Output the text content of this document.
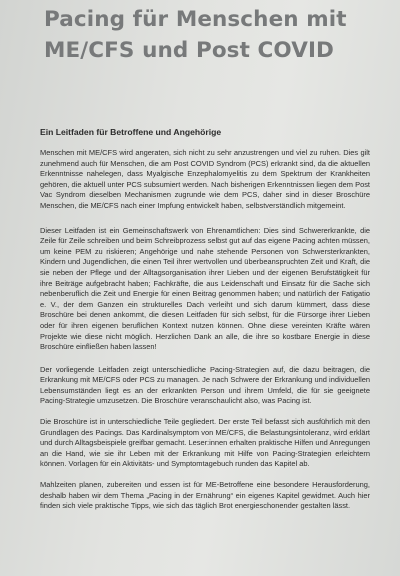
Pacing für Menschen mit ME/CFS und Post COVID
Ein Leitfaden für Betroffene und Angehörige

Menschen mit ME/CFS wird angeraten, sich nicht zu sehr anzustrengen und viel zu ruhen. Dies gilt zunehmend auch für Menschen, die am Post COVID Syndrom (PCS) erkrankt sind, da die aktuellen Erkenntnisse nahelegen, dass Myalgische Enzephalomyelitis zu dem Spektrum der Krankheiten gehören, die aktuell unter PCS subsumiert werden. Nach bisherigen Erkenntnissen liegen dem Post Vac Syndrom dieselben Mechanismen zugrunde wie dem PCS, daher sind in dieser Broschüre Menschen, die ME/CFS nach einer Impfung entwickelt haben, selbstverständlich mitgemeint.

Dieser Leitfaden ist ein Gemeinschaftswerk von Ehrenamtlichen: Dies sind Schwererkrankte, die Zeile für Zeile schreiben und beim Schreibprozess selbst gut auf das eigene Pacing achten müssen, um keine PEM zu riskieren; Angehörige und nahe stehende Personen von Schwersterkrankten, Kindern und Jugendlichen, die einen Teil ihrer wertvollen und überbeanspruchten Zeit und Kraft, die sie neben der Pflege und der Alltagsorganisation ihrer Lieben und der eigenen Berufstätigkeit für ihre Beiträge aufgebracht haben; Fachkräfte, die aus Leidenschaft und Einsatz für die Sache sich nebenberuflich die Zeit und Energie für einen Beitrag genommen haben; und natürlich der Fatigatio e. V., der dem Ganzen ein strukturelles Dach verleiht und sich darum kümmert, dass diese Broschüre bei denen ankommt, die diesen Leitfaden für sich selbst, für die Fürsorge ihrer Lieben oder für ihren eigenen beruflichen Kontext nutzen können. Ohne diese vereinten Kräfte wären Projekte wie diese nicht möglich. Herzlichen Dank an alle, die ihre so kostbare Energie in diese Broschüre einfließen haben lassen!

Der vorliegende Leitfaden zeigt unterschiedliche Pacing-Strategien auf, die dazu beitragen, die Erkrankung mit ME/CFS oder PCS zu managen. Je nach Schwere der Erkrankung und individuellen Lebensumständen liegt es an der erkrankten Person und ihrem Umfeld, die für sie geeignete Pacing-Strategie umzusetzen. Die Broschüre veranschaulicht also, was Pacing ist.

Die Broschüre ist in unterschiedliche Teile gegliedert. Der erste Teil befasst sich ausführlich mit den Grundlagen des Pacings. Das Kardinalsymptom von ME/CFS, die Belastungsintoleranz, wird erklärt und durch Alltagsbeispiele greifbar gemacht. Leser:innen erhalten praktische Hilfen und Anregungen an die Hand, wie sie ihr Leben mit der Erkrankung mit Hilfe von Pacing-Strategien erleichtern können. Vorlagen für ein Aktivitäts- und Symptomtagebuch runden das Kapitel ab.

Mahlzeiten planen, zubereiten und essen ist für ME-Betroffene eine besondere Herausforderung, deshalb haben wir dem Thema „Pacing in der Ernährung“ ein eigenes Kapitel gewidmet. Auch hier finden sich viele praktische Tipps, wie sich das täglich Brot energieschonender gestalten lässt.
